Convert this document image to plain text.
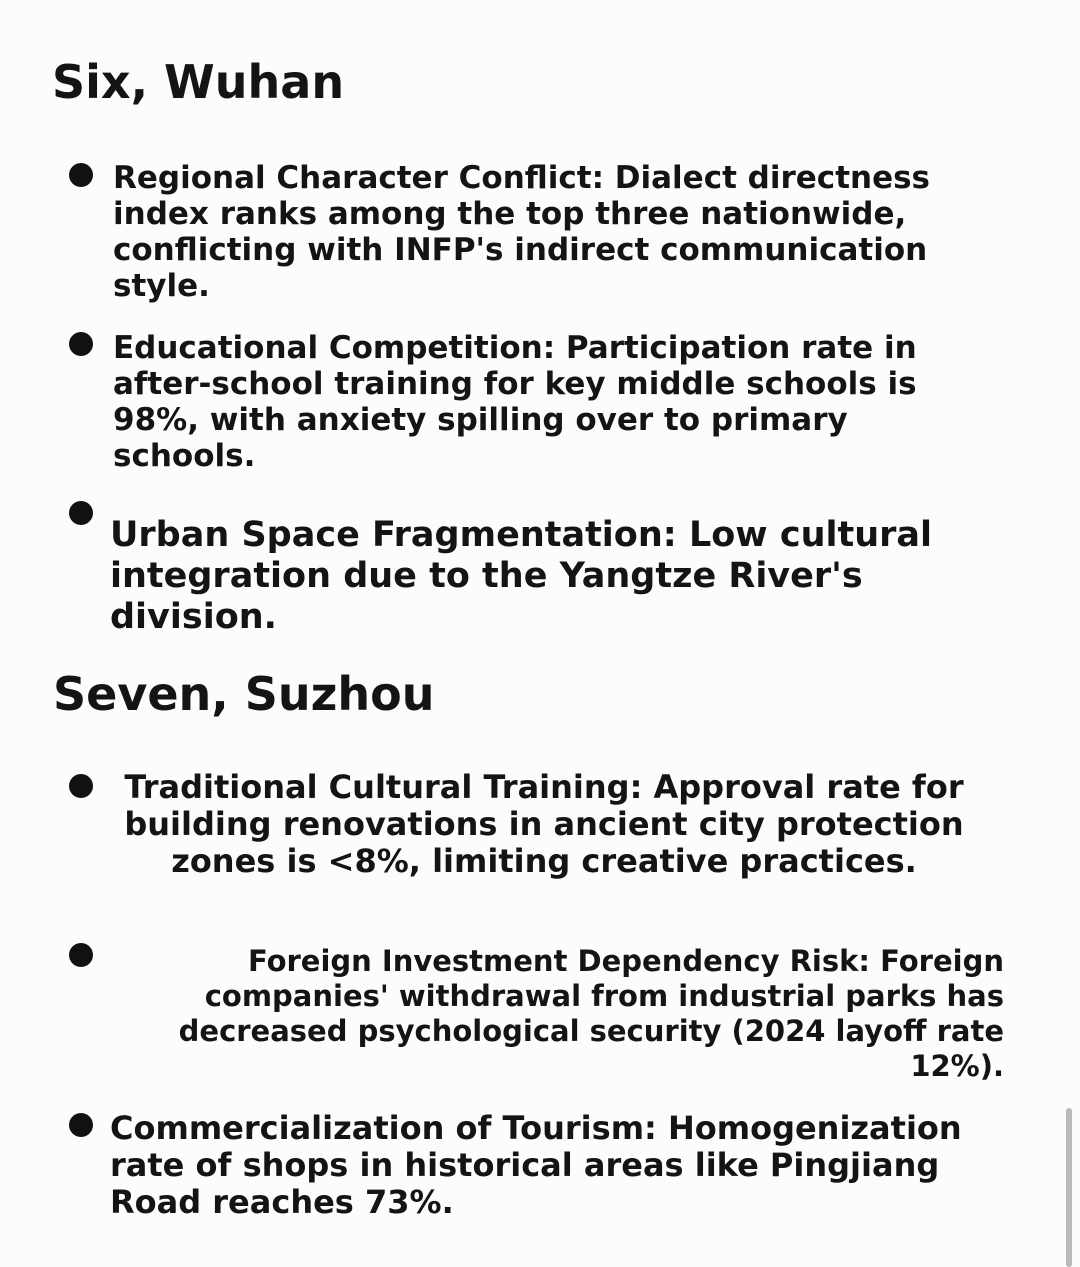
Six, Wuhan

Regional Character Conflict: Dialect directness index ranks among the top three nationwide, conflicting with INFP's indirect communication style.

Educational Competition: Participation rate in after-school training for key middle schools is 98%, with anxiety spilling over to primary schools.

Urban Space Fragmentation: Low cultural integration due to the Yangtze River's division.

Seven, Suzhou

Traditional Cultural Training: Approval rate for building renovations in ancient city protection zones is <8%, limiting creative practices.

Foreign Investment Dependency Risk: Foreign companies' withdrawal from industrial parks has decreased psychological security (2024 layoff rate 12%).

Commercialization of Tourism: Homogenization rate of shops in historical areas like Pingjiang Road reaches 73%.
